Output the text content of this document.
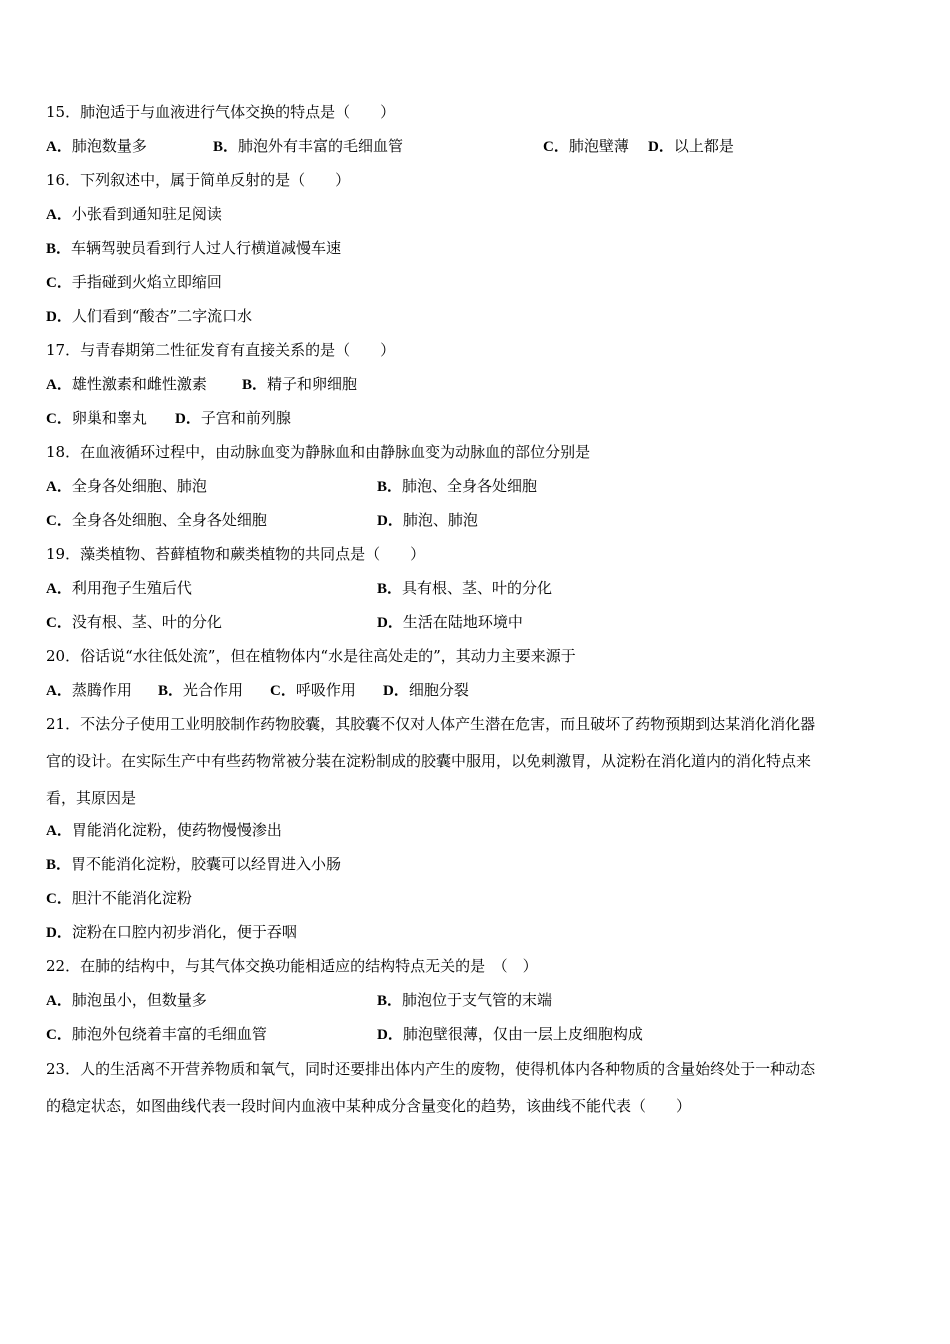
15．肺泡适于与血液进行气体交换的特点是（　　）
A．肺泡数量多	B．肺泡外有丰富的毛细血管	C．肺泡壁薄 D．以上都是
16．下列叙述中，属于简单反射的是（　　）
A．小张看到通知驻足阅读
B．车辆驾驶员看到行人过人行横道减慢车速
C．手指碰到火焰立即缩回
D．人们看到“酸杏”二字流口水
17．与青春期第二性征发育有直接关系的是（　　）
A．雄性激素和雌性激素 B．精子和卵细胞
C．卵巢和睾丸 D．子宫和前列腺
18．在血液循环过程中，由动脉血变为静脉血和由静脉血变为动脉血的部位分别是
A．全身各处细胞、肺泡	B．肺泡、全身各处细胞
C．全身各处细胞、全身各处细胞	D．肺泡、肺泡
19．藻类植物、苔藓植物和蕨类植物的共同点是（　　）
A．利用孢子生殖后代	B．具有根、茎、叶的分化
C．没有根、茎、叶的分化	D．生活在陆地环境中
20．俗话说“水往低处流”，但在植物体内“水是往高处走的”，其动力主要来源于
A．蒸腾作用 B．光合作用 C．呼吸作用 D．细胞分裂
21．不法分子使用工业明胶制作药物胶囊，其胶囊不仅对人体产生潜在危害，而且破坏了药物预期到达某消化消化器
官的设计。在实际生产中有些药物常被分装在淀粉制成的胶囊中服用，以免刺激胃，从淀粉在消化道内的消化特点来
看，其原因是
A．胃能消化淀粉，使药物慢慢渗出
B．胃不能消化淀粉，胶囊可以经胃进入小肠
C．胆汁不能消化淀粉
D．淀粉在口腔内初步消化，便于吞咽
22．在肺的结构中，与其气体交换功能相适应的结构特点无关的是　（　）
A．肺泡虽小，但数量多	B．肺泡位于支气管的末端
C．肺泡外包绕着丰富的毛细血管	D．肺泡壁很薄，仅由一层上皮细胞构成
23．人的生活离不开营养物质和氧气，同时还要排出体内产生的废物，使得机体内各种物质的含量始终处于一种动态
的稳定状态，如图曲线代表一段时间内血液中某种成分含量变化的趋势，该曲线不能代表（　　）
